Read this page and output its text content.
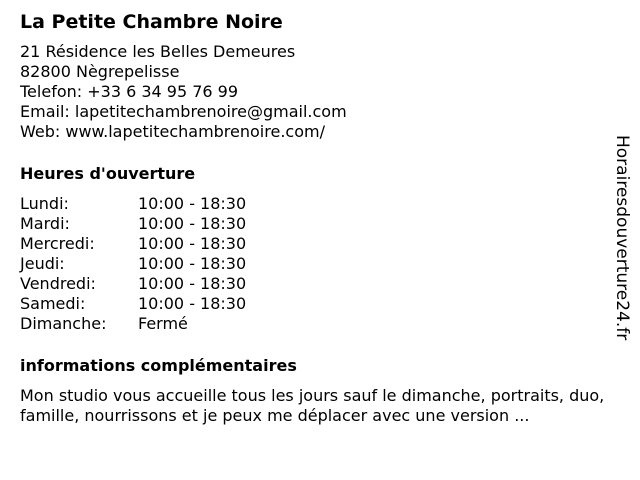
La Petite Chambre Noire
21 Résidence les Belles Demeures
82800 Nègrepelisse
Telefon: +33 6 34 95 76 99
Email: lapetitechambrenoire@gmail.com
Web: www.lapetitechambrenoire.com/
Heures d'ouverture
Lundi:	10:00 - 18:30
Mardi:	10:00 - 18:30
Mercredi:	10:00 - 18:30
Jeudi:	10:00 - 18:30
Vendredi:	10:00 - 18:30
Samedi:	10:00 - 18:30
Dimanche:	Fermé
informations complémentaires
Mon studio vous accueille tous les jours sauf le dimanche, portraits, duo, famille, nourrissons et je peux me déplacer avec une version ...
Horairesdouverture24.fr
